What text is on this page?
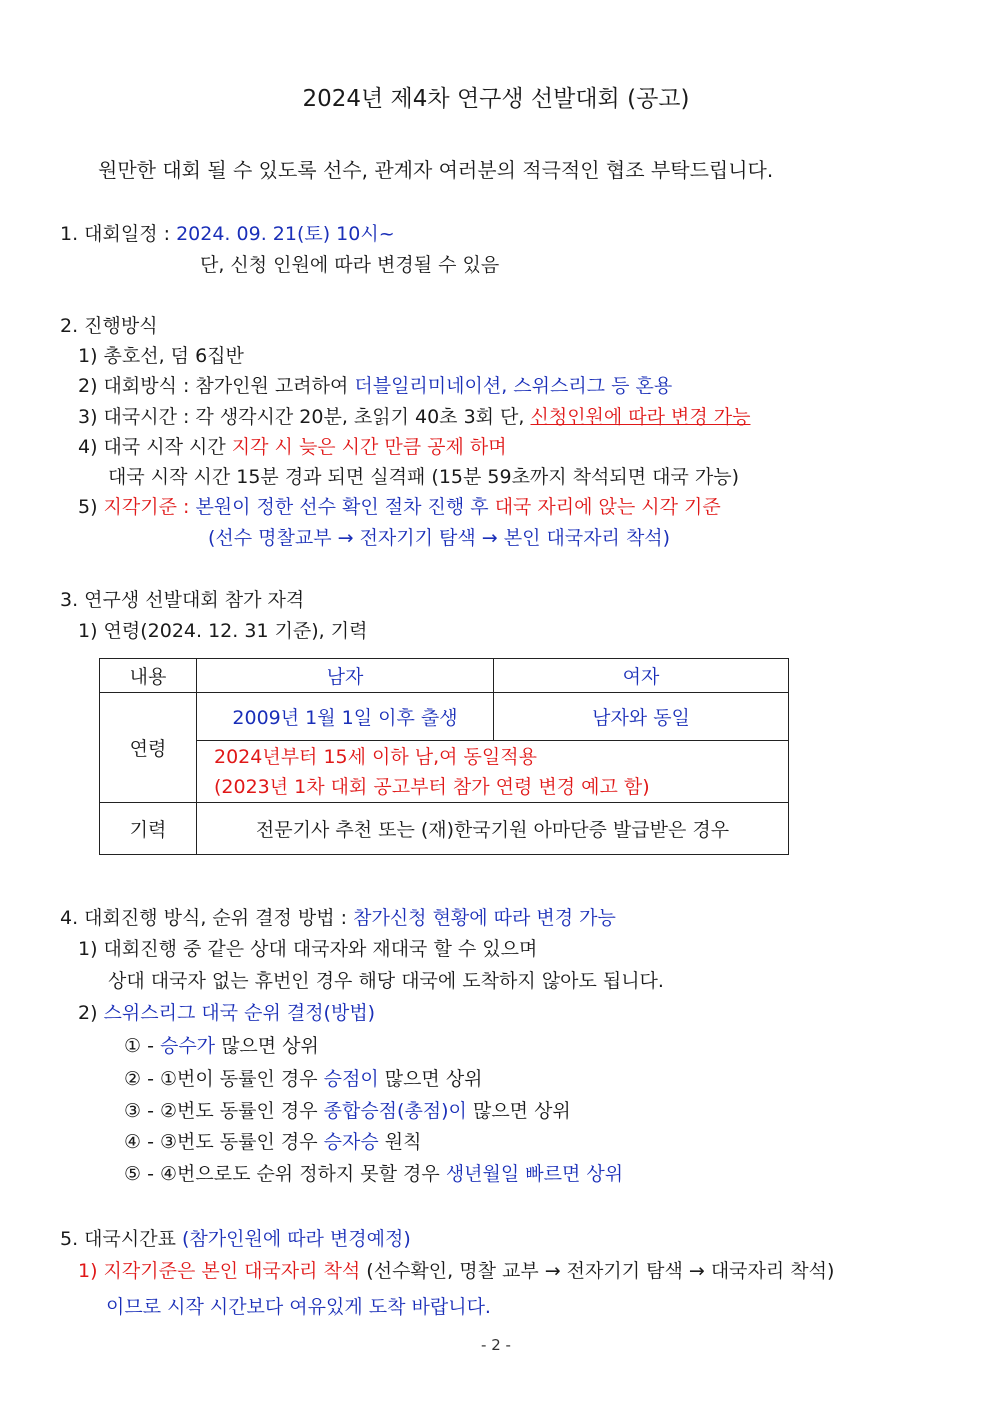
2024년 제4차 연구생 선발대회 (공고)
원만한 대회 될 수 있도록 선수, 관계자 여러분의 적극적인 협조 부탁드립니다.
1. 대회일정 : 2024. 09. 21(토) 10시~
단, 신청 인원에 따라 변경될 수 있음
2. 진행방식
1) 총호선, 덤 6집반
2) 대회방식 : 참가인원 고려하여 더블일리미네이션, 스위스리그 등 혼용
3) 대국시간 : 각 생각시간 20분, 초읽기 40초 3회 단, 신청인원에 따라 변경 가능
4) 대국 시작 시간 지각 시 늦은 시간 만큼 공제 하며
대국 시작 시간 15분 경과 되면 실격패 (15분 59초까지 착석되면 대국 가능)
5) 지각기준 : 본원이 정한 선수 확인 절차 진행 후 대국 자리에 앉는 시각 기준
(선수 명찰교부 → 전자기기 탐색 → 본인 대국자리 착석)
3. 연구생 선발대회 참가 자격
1) 연령(2024. 12. 31 기준), 기력
내용	남자	여자
연령	2009년 1월 1일 이후 출생	남자와 동일

	2024년부터 15세 이하 남,여 동일적용
(2023년 1차 대회 공고부터 참가 연령 변경 예고 함)	

기력	전문기사 추천 또는 (재)한국기원 아마단증 발급받은 경우	
4. 대회진행 방식, 순위 결정 방법 : 참가신청 현황에 따라 변경 가능
1) 대회진행 중 같은 상대 대국자와 재대국 할 수 있으며
상대 대국자 없는 휴번인 경우 해당 대국에 도착하지 않아도 됩니다.
2) 스위스리그 대국 순위 결정(방법)
① - 승수가 많으면 상위
② - ①번이 동률인 경우 승점이 많으면 상위
③ - ②번도 동률인 경우 종합승점(총점)이 많으면 상위
④ - ③번도 동률인 경우 승자승 원칙
⑤ - ④번으로도 순위 정하지 못할 경우 생년월일 빠르면 상위
5. 대국시간표 (참가인원에 따라 변경예정)
1) 지각기준은 본인 대국자리 착석 (선수확인, 명찰 교부 → 전자기기 탐색 → 대국자리 착석)
이므로 시작 시간보다 여유있게 도착 바랍니다.
- 2 -
